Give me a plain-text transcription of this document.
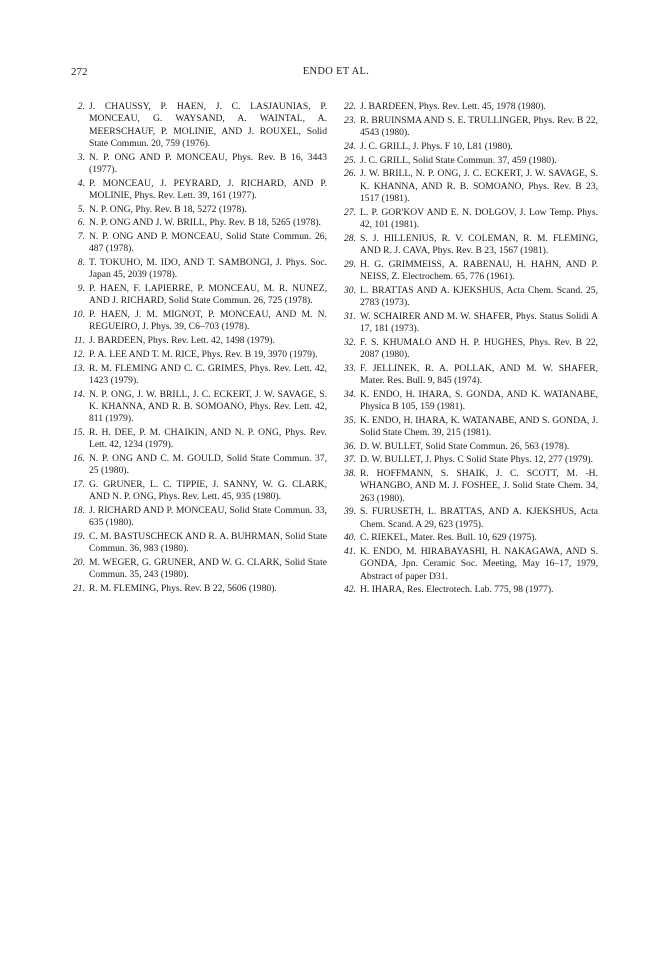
272	ENDO ET AL.
2. J. CHAUSSY, P. HAEN, J. C. LASJAUNIAS, P. MONCEAU, G. WAYSAND, A. WAINTAL, A. MEERSCHAUF, P. MOLINIE, AND J. ROUXEL, Solid State Commun. 20, 759 (1976).
3. N. P. ONG AND P. MONCEAU, Phys. Rev. B 16, 3443 (1977).
4. P. MONCEAU, J. PEYRARD, J. RICHARD, AND P. MOLINIE, Phys. Rev. Lett. 39, 161 (1977).
5. N. P. ONG, Phy. Rev. B 18, 5272 (1978).
6. N. P. ONG AND J. W. BRILL, Phy. Rev. B 18, 5265 (1978).
7. N. P. ONG AND P. MONCEAU, Solid State Commun. 26, 487 (1978).
8. T. TOKUHO, M. IDO, AND T. SAMBONGI, J. Phys. Soc. Japan 45, 2039 (1978).
9. P. HAEN, F. LAPIERRE, P. MONCEAU, M. R. NUNEZ, AND J. RICHARD, Solid State Commun. 26, 725 (1978).
10. P. HAEN, J. M. MIGNOT, P. MONCEAU, AND M. N. REGUEIRO, J. Phys. 39, C6–703 (1978).
11. J. BARDEEN, Phys. Rev. Lett. 42, 1498 (1979).
12. P. A. LEE AND T. M. RICE, Phys. Rev. B 19, 3970 (1979).
13. R. M. FLEMING AND C. C. GRIMES, Phys. Rev. Lett. 42, 1423 (1979).
14. N. P. ONG, J. W. BRILL, J. C. ECKERT, J. W. SAVAGE, S. K. KHANNA, AND R. B. SOMOANO, Phys. Rev. Lett. 42, 811 (1979).
15. R. H. DEE, P. M. CHAIKIN, AND N. P. ONG, Phys. Rev. Lett. 42, 1234 (1979).
16. N. P. ONG AND C. M. GOULD, Solid State Commun. 37, 25 (1980).
17. G. GRUNER, L. C. TIPPIE, J. SANNY, W. G. CLARK, AND N. P. ONG, Phys. Rev. Lett. 45, 935 (1980).
18. J. RICHARD AND P. MONCEAU, Solid State Commun. 33, 635 (1980).
19. C. M. BASTUSCHECK AND R. A. BUHRMAN, Solid State Commun. 36, 983 (1980).
20. M. WEGER, G. GRUNER, AND W. G. CLARK, Solid State Commun. 35, 243 (1980).
21. R. M. FLEMING, Phys. Rev. B 22, 5606 (1980).
22. J. BARDEEN, Phys. Rev. Lett. 45, 1978 (1980).
23. R. BRUINSMA AND S. E. TRULLINGER, Phys. Rev. B 22, 4543 (1980).
24. J. C. GRILL, J. Phys. F 10, L81 (1980).
25. J. C. GRILL, Solid State Commun. 37, 459 (1980).
26. J. W. BRILL, N. P. ONG, J. C. ECKERT, J. W. SAVAGE, S. K. KHANNA, AND R. B. SOMOANO, Phys. Rev. B 23, 1517 (1981).
27. L. P. GOR'KOV AND E. N. DOLGOV, J. Low Temp. Phys. 42, 101 (1981).
28. S. J. HILLENIUS, R. V. COLEMAN, R. M. FLEMING, AND R. J. CAVA, Phys. Rev. B 23, 1567 (1981).
29. H. G. GRIMMEISS, A. RABENAU, H. HAHN, AND P. NEISS, Z. Electrochem. 65, 776 (1961).
30. L. BRATTAS AND A. KJEKSHUS, Acta Chem. Scand. 25, 2783 (1973).
31. W. SCHAIRER AND M. W. SHAFER, Phys. Status Solidi A 17, 181 (1973).
32. F. S. KHUMALO AND H. P. HUGHES, Phys. Rev. B 22, 2087 (1980).
33. F. JELLINEK, R. A. POLLAK, AND M. W. SHAFER, Mater. Res. Bull. 9, 845 (1974).
34. K. ENDO, H. IHARA, S. GONDA, AND K. WATANABE, Physica B 105, 159 (1981).
35. K. ENDO, H. IHARA, K. WATANABE, AND S. GONDA, J. Solid State Chem. 39, 215 (1981).
36. D. W. BULLET, Solid State Commun. 26, 563 (1978).
37. D. W. BULLET, J. Phys. C Solid State Phys. 12, 277 (1979).
38. R. HOFFMANN, S. SHAIK, J. C. SCOTT, M. -H. WHANGBO, AND M. J. FOSHEE, J. Solid State Chem. 34, 263 (1980).
39. S. FURUSETH, L. BRATTAS, AND A. KJEKSHUS, Acta Chem. Scand. A 29, 623 (1975).
40. C. RIEKEL, Mater. Res. Bull. 10, 629 (1975).
41. K. ENDO, M. HIRABAYASHI, H. NAKAGAWA, AND S. GONDA, Jpn. Ceramic Soc. Meeting, May 16–17, 1979, Abstract of paper D31.
42. H. IHARA, Res. Electrotech. Lab. 775, 98 (1977).
